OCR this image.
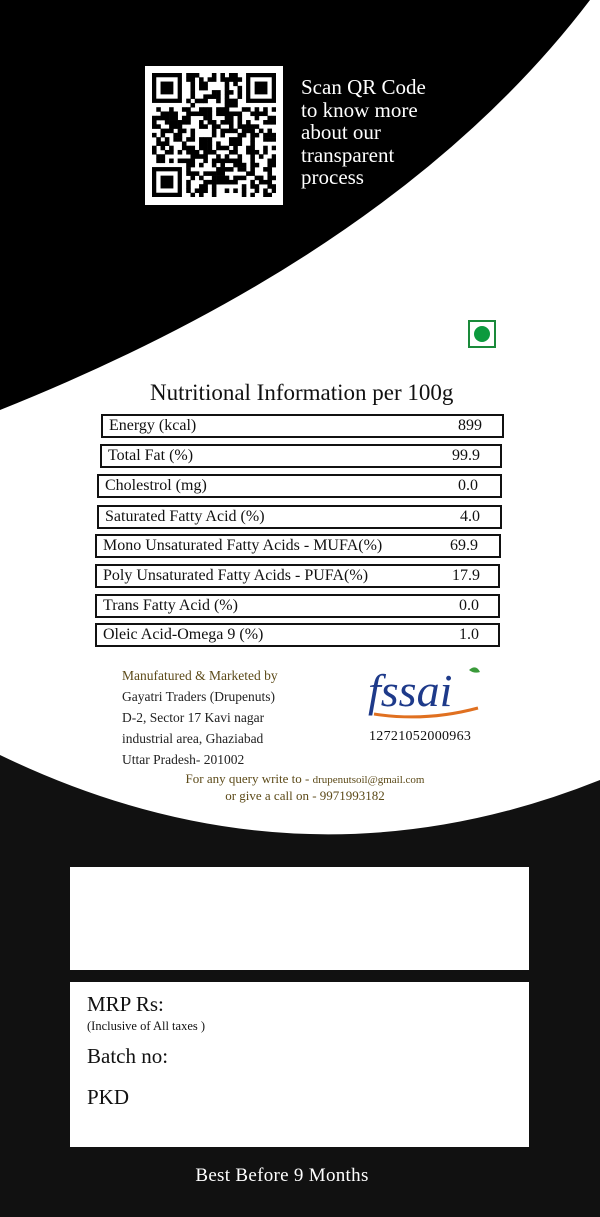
Scan QR Code
to know more
about our
transparent
process
Nutritional Information per 100g
Energy (kcal)	899
Total Fat (%)	99.9
Cholestrol (mg)	0.0
Saturated Fatty Acid (%)	4.0
Mono Unsaturated Fatty Acids - MUFA(%)	69.9
Poly Unsaturated Fatty Acids - PUFA(%)	17.9
Trans Fatty Acid (%)	0.0
Oleic Acid-Omega 9 (%)	1.0
Manufatured & Marketed by
Gayatri Traders (Drupenuts)
D-2, Sector 17 Kavi nagar
industrial area, Ghaziabad
Uttar Pradesh- 201002
fssai
12721052000963
For any query write to - drupenutsoil@gmail.com
or give a call on - 9971993182
MRP Rs:
(Inclusive of All taxes )
Batch no:
PKD
Best Before 9 Months
